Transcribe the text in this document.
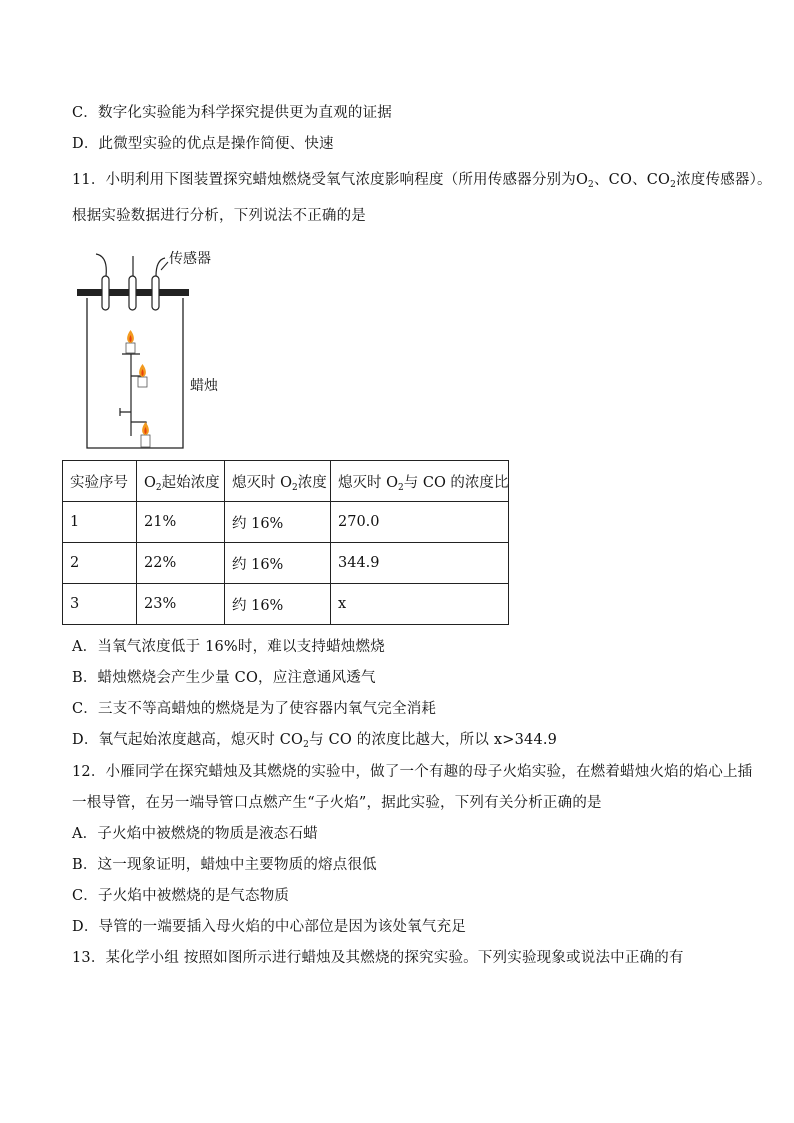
C．数字化实验能为科学探究提供更为直观的证据
D．此微型实验的优点是操作简便、快速
11．小明利用下图装置探究蜡烛燃烧受氧气浓度影响程度（所用传感器分别为$O_2$、CO、$CO_2$浓度传感器）。
根据实验数据进行分析，下列说法不正确的是
传感器
蜡烛
实验序号	$O_2$起始浓度	熄灭时 $O_2$浓度	熄灭时 $O_2$与 CO 的浓度比
1	21%	约 16%	270.0
2	22%	约 16%	344.9
3	23%	约 16%	x
A．当氧气浓度低于 16%时，难以支持蜡烛燃烧
B．蜡烛燃烧会产生少量 CO，应注意通风透气
C．三支不等高蜡烛的燃烧是为了使容器内氧气完全消耗
D．氧气起始浓度越高，熄灭时 $CO_2$与 CO 的浓度比越大，所以 x>344.9
12．小雁同学在探究蜡烛及其燃烧的实验中，做了一个有趣的母子火焰实验，在燃着蜡烛火焰的焰心上插
一根导管，在另一端导管口点燃产生“子火焰”，据此实验，下列有关分析正确的是
A．子火焰中被燃烧的物质是液态石蜡
B．这一现象证明，蜡烛中主要物质的熔点很低
C．子火焰中被燃烧的是气态物质
D．导管的一端要插入母火焰的中心部位是因为该处氧气充足
13．某化学小组 按照如图所示进行蜡烛及其燃烧的探究实验。下列实验现象或说法中正确的有
